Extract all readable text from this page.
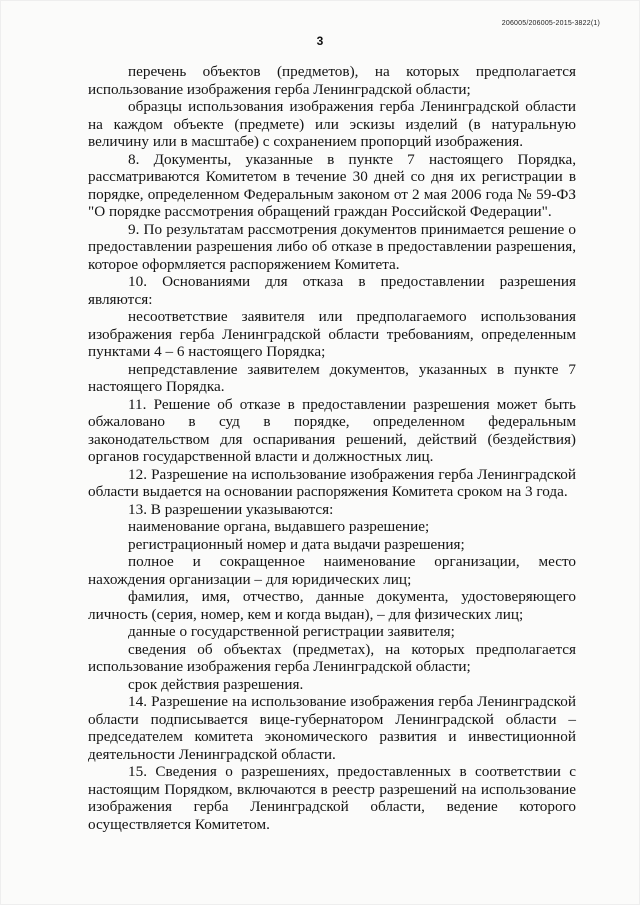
206005/206005-2015-3822(1)
3

перечень объектов (предметов), на которых предполагается использование изображения герба Ленинградской области;

образцы использования изображения герба Ленинградской области на каждом объекте (предмете) или эскизы изделий (в натуральную величину или в масштабе) с сохранением пропорций изображения.

8. Документы, указанные в пункте 7 настоящего Порядка, рассматриваются Комитетом в течение 30 дней со дня их регистрации в порядке, определенном Федеральным законом от 2 мая 2006 года № 59-ФЗ "О порядке рассмотрения обращений граждан Российской Федерации".

9. По результатам рассмотрения документов принимается решение о предоставлении разрешения либо об отказе в предоставлении разрешения, которое оформляется распоряжением Комитета.

10. Основаниями для отказа в предоставлении разрешения являются:

несоответствие заявителя или предполагаемого использования изображения герба Ленинградской области требованиям, определенным пунктами 4 – 6 настоящего Порядка;

непредставление заявителем документов, указанных в пункте 7 настоящего Порядка.

11. Решение об отказе в предоставлении разрешения может быть обжаловано в суд в порядке, определенном федеральным законодательством для оспаривания решений, действий (бездействия) органов государственной власти и должностных лиц.

12. Разрешение на использование изображения герба Ленинградской области выдается на основании распоряжения Комитета сроком на 3 года.

13. В разрешении указываются:

наименование органа, выдавшего разрешение;

регистрационный номер и дата выдачи разрешения;

полное и сокращенное наименование организации, место нахождения организации – для юридических лиц;

фамилия, имя, отчество, данные документа, удостоверяющего личность (серия, номер, кем и когда выдан), – для физических лиц;

данные о государственной регистрации заявителя;

сведения об объектах (предметах), на которых предполагается использование изображения герба Ленинградской области;

срок действия разрешения.

14. Разрешение на использование изображения герба Ленинградской области подписывается вице-губернатором Ленинградской области – председателем комитета экономического развития и инвестиционной деятельности Ленинградской области.

15. Сведения о разрешениях, предоставленных в соответствии с настоящим Порядком, включаются в реестр разрешений на использование изображения герба Ленинградской области, ведение которого осуществляется Комитетом.
